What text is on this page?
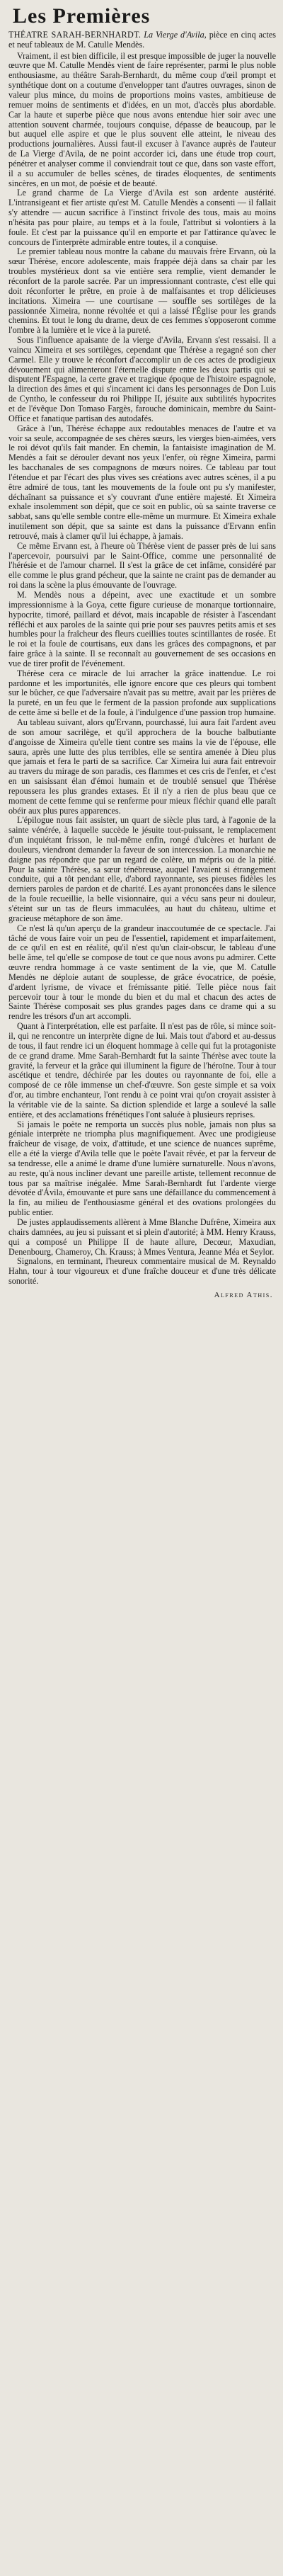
Les Premières

THÉATRE SARAH-BERNHARDT. La Vierge d'Avila, pièce en cinq actes et neuf tableaux de M. Catulle Mendès.

Vraiment, il est bien difficile, il est presque impossible de juger la nouvelle œuvre que M. Catulle Mendès vient de faire représenter, parmi le plus noble enthousiasme, au théâtre Sarah-Bernhardt, du même coup d'œil prompt et synthétique dont on a coutume d'envelopper tant d'autres ouvrages, sinon de valeur plus mince, du moins de proportions moins vastes, ambitieuse de remuer moins de sentiments et d'idées, en un mot, d'accès plus abordable. Car la haute et superbe pièce que nous avons entendue hier soir avec une attention souvent charmée, toujours conquise, dépasse de beaucoup, par le but auquel elle aspire et que le plus souvent elle atteint, le niveau des productions journalières. Aussi faut-il excuser à l'avance auprès de l'auteur de La Vierge d'Avila, de ne point accorder ici, dans une étude trop court, pénétrer et analyser comme il conviendrait tout ce que, dans son vaste effort, il a su accumuler de belles scènes, de tirades éloquentes, de sentiments sincères, en un mot, de poésie et de beauté.

Le grand charme de La Vierge d'Avila est son ardente austérité. L'intransigeant et fier artiste qu'est M. Catulle Mendès a consenti — il fallait s'y attendre — aucun sacrifice à l'instinct frivole des tous, mais au moins n'hésita pas pour plaire, au temps et à la foule, l'attribut si volontiers à la foule. Et c'est par la puissance qu'il en emporte et par l'attirance qu'avec le concours de l'interprète admirable entre toutes, il a conquise.

Le premier tableau nous montre la cabane du mauvais frère Ervann, où la sœur Thérèse, encore adolescente, mais frappée déjà dans sa chair par les troubles mystérieux dont sa vie entière sera remplie, vient demander le réconfort de la parole sacrée. Par un impressionnant contraste, c'est elle qui doit réconforter le prêtre, en proie à de malfaisantes et trop délicieuses incitations. Ximeira — une courtisane — souffle ses sortilèges de la passionnée Ximeira, nonne révoltée et qui a laissé l'Église pour les grands chemins. Et tout le long du drame, deux de ces femmes s'opposeront comme l'ombre à la lumière et le vice à la pureté.

Sous l'influence apaisante de la vierge d'Avila, Ervann s'est ressaisi. Il a vaincu Ximeira et ses sortilèges, cependant que Thérèse a regagné son cher Carmel. Elle y trouve le réconfort d'accomplir un de ces actes de prodigieux dévouement qui alimenteront l'éternelle dispute entre les deux partis qui se disputent l'Espagne, la certe grave et tragique époque de l'histoire espagnole, la direction des âmes et qui s'incarnent ici dans les personnages de Don Luis de Cyntho, le confesseur du roi Philippe II, jésuite aux subtilités hypocrites et de l'évêque Don Tomaso Fargès, farouche dominicain, membre du Saint-Office et fanatique partisan des autodafés.

Grâce à l'un, Thérèse échappe aux redoutables menaces de l'autre et va voir sa seule, accompagnée de ses chères sœurs, les vierges bien-aimées, vers le roi dévot qu'ils fait mander. En chemin, la fantaisiste imagination de M. Mendès a fait se dérouler devant nos yeux l'enfer, où règne Ximeira, parmi les bacchanales de ses compagnons de mœurs noires. Ce tableau par tout l'étendue et par l'écart des plus vives ses créations avec autres scènes, il a pu être admiré de tous, tant les mouvements de la foule ont pu s'y manifester, déchaînant sa puissance et s'y couvrant d'une entière majesté. Et Ximeira exhale insolemment son dépit, que ce soit en public, où sa sainte traverse ce sabbat, sans qu'elle semble contre elle-même un murmure. Et Ximeira exhale inutilement son dépit, que sa sainte est dans la puissance d'Ervann enfin retrouvé, mais à clamer qu'il lui échappe, à jamais.

Ce même Ervann est, à l'heure où Thérèse vient de passer près de lui sans l'apercevoir, poursuivi par le Saint-Office, comme une personnalité de l'hérésie et de l'amour charnel. Il s'est la grâce de cet infâme, considéré par elle comme le plus grand pécheur, que la sainte ne craint pas de demander au roi dans la scène la plus émouvante de l'ouvrage.

M. Mendès nous a dépeint, avec une exactitude et un sombre impressionnisme à la Goya, cette figure curieuse de monarque tortionnaire, hypocrite, timoré, paillard et dévot, mais incapable de résister à l'ascendant réfléchi et aux paroles de la sainte qui prie pour ses pauvres petits amis et ses humbles pour la fraîcheur des fleurs cueillies toutes scintillantes de rosée. Et le roi et la foule de courtisans, eux dans les grâces des compagnons, et par faire grâce à la sainte. Il se reconnaît au gouvernement de ses occasions en vue de tirer profit de l'événement.

Thérèse cera ce miracle de lui arracher la grâce inattendue. Le roi pardonne et les importunités, elle ignore encore que ces pleurs qui tombent sur le bûcher, ce que l'adversaire n'avait pas su mettre, avait par les prières de la pureté, en un feu que le ferment de la passion profonde aux supplications de cette âme si belle et de la foule, à l'indulgence d'une passion trop humaine.

Au tableau suivant, alors qu'Ervann, pourchassé, lui aura fait l'ardent aveu de son amour sacrilège, et qu'il approchera de la bouche balbutiante d'angoisse de Ximeira qu'elle tient contre ses mains la vie de l'épouse, elle saura, après une lutte des plus terribles, elle se sentira amenée à Dieu plus que jamais et fera le parti de sa sacrifice. Car Ximeira lui aura fait entrevoir au travers du mirage de son paradis, ces flammes et ces cris de l'enfer, et c'est en un saisissant élan d'émoi humain et de troublé sensuel que Thérèse repoussera les plus grandes extases. Et il n'y a rien de plus beau que ce moment de cette femme qui se renferme pour mieux fléchir quand elle paraît obéir aux plus pures apparences.

L'épilogue nous fait assister, un quart de siècle plus tard, à l'agonie de la sainte vénérée, à laquelle succède le jésuite tout-puissant, le remplacement d'un inquiétant frisson, le nul-même enfin, rongé d'ulcères et hurlant de douleurs, viendront demander la faveur de son intercession. La monarchie ne daigne pas répondre que par un regard de colère, un mépris ou de la pitié. Pour la sainte Thérèse, sa sœur ténébreuse, auquel l'avaient si étrangement conduite, qui a tôt pendant elle, d'abord rayonnante, ses pieuses fidèles les derniers paroles de pardon et de charité. Les ayant prononcées dans le silence de la foule recueillie, la belle visionnaire, qui a vécu sans peur ni douleur, s'éteint sur un tas de fleurs immaculées, au haut du château, ultime et gracieuse métaphore de son âme.

Ce n'est là qu'un aperçu de la grandeur inaccoutumée de ce spectacle. J'ai tâché de vous faire voir un peu de l'essentiel, rapidement et imparfaitement, de ce qu'il en est en réalité, qu'il n'est qu'un clair-obscur, le tableau d'une belle âme, tel qu'elle se compose de tout ce que nous avons pu admirer. Cette œuvre rendra hommage à ce vaste sentiment de la vie, que M. Catulle Mendès ne déploie autant de souplesse, de grâce évocatrice, de poésie, d'ardent lyrisme, de vivace et frémissante pitié. Telle pièce nous fait percevoir tour à tour le monde du bien et du mal et chacun des actes de Sainte Thérèse composait ses plus grandes pages dans ce drame qui a su rendre les trésors d'un art accompli.

Quant à l'interprétation, elle est parfaite. Il n'est pas de rôle, si mince soit-il, qui ne rencontre un interprète digne de lui. Mais tout d'abord et au-dessus de tous, il faut rendre ici un éloquent hommage à celle qui fut la protagoniste de ce grand drame. Mme Sarah-Bernhardt fut la sainte Thérèse avec toute la gravité, la ferveur et la grâce qui illuminent la figure de l'héroïne. Tour à tour ascétique et tendre, déchirée par les doutes ou rayonnante de foi, elle a composé de ce rôle immense un chef-d'œuvre. Son geste simple et sa voix d'or, au timbre enchanteur, l'ont rendu à ce point vrai qu'on croyait assister à la véritable vie de la sainte. Sa diction splendide et large a soulevé la salle entière, et des acclamations frénétiques l'ont saluée à plusieurs reprises.

Si jamais le poète ne remporta un succès plus noble, jamais non plus sa géniale interprète ne triompha plus magnifiquement. Avec une prodigieuse fraîcheur de visage, de voix, d'attitude, et une science de nuances suprême, elle a été la vierge d'Avila telle que le poète l'avait rêvée, et par la ferveur de sa tendresse, elle a animé le drame d'une lumière surnaturelle. Nous n'avons, au reste, qu'à nous incliner devant une pareille artiste, tellement reconnue de tous par sa maîtrise inégalée. Mme Sarah-Bernhardt fut l'ardente vierge dévotée d'Ávila, émouvante et pure sans une défaillance du commencement à la fin, au milieu de l'enthousiasme général et des ovations prolongées du public entier.

De justes applaudissements allèrent à Mme Blanche Dufrêne, Ximeira aux chairs damnées, au jeu si puissant et si plein d'autorité; à MM. Henry Krauss, qui a composé un Philippe II de haute allure, Decœur, Maxudian, Denenbourg, Chameroy, Ch. Krauss; à Mmes Ventura, Jeanne Méa et Seylor.

Signalons, en terminant, l'heureux commentaire musical de M. Reynaldo Hahn, tour à tour vigoureux et d'une fraîche douceur et d'une très délicate sonorité.

Alfred Athis.
